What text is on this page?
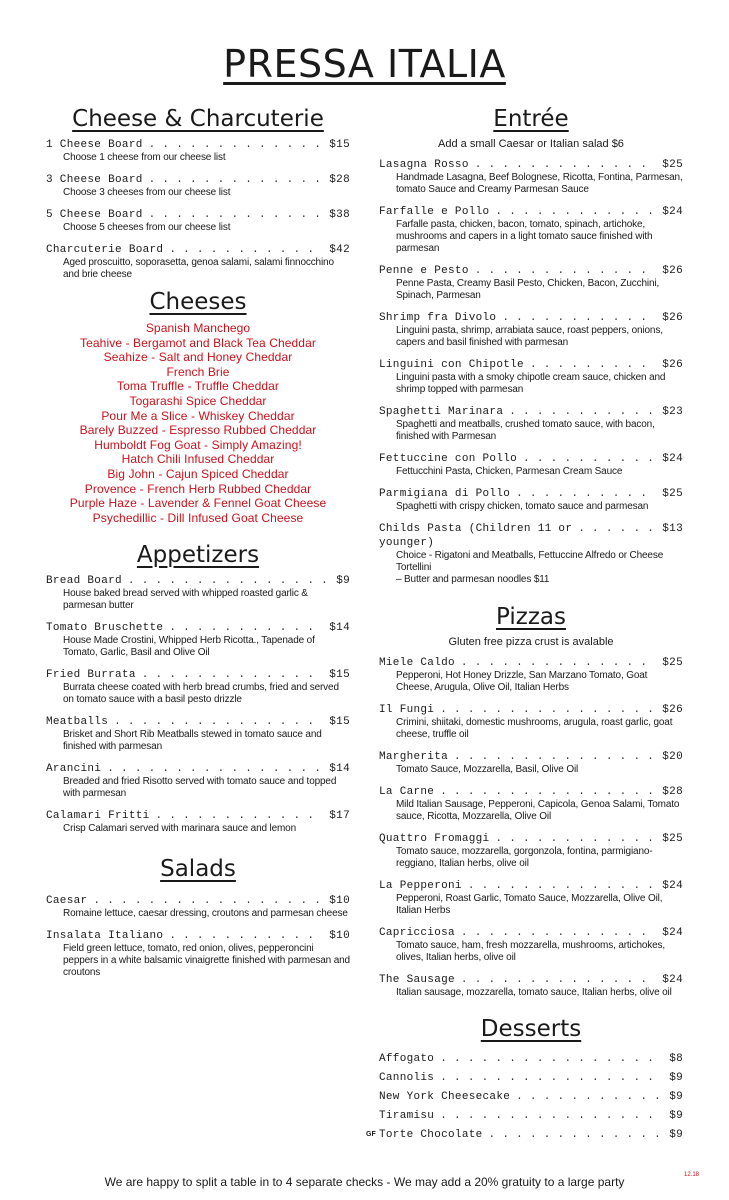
PRESSA ITALIA
Cheese & Charcuterie
1 Cheese Board . . .	$15
Choose 1 cheese from our cheese list
3 Cheese Board . . .	$28
Choose 3 cheeses from our cheese list
5 Cheese Board . . .	$38
Choose 5 cheeses from our cheese list
Charcuterie Board . . .	$42
Aged proscuitto, soporasetta, genoa salami, salami finnocchino and brie cheese
Cheeses
Spanish Manchego
Teahive - Bergamot and Black Tea Cheddar
Seahize - Salt and Honey Cheddar
French Brie
Toma Truffle - Truffle Cheddar
Togarashi Spice Cheddar
Pour Me a Slice - Whiskey Cheddar
Barely Buzzed - Espresso Rubbed Cheddar
Humboldt Fog Goat - Simply Amazing!
Hatch Chili Infused Cheddar
Big John - Cajun Spiced Cheddar
Provence - French Herb Rubbed Cheddar
Purple Haze - Lavender & Fennel Goat Cheese
Psychedillic - Dill Infused Goat Cheese
Appetizers
Bread Board . . .	$9
House baked bread served with whipped roasted garlic & parmesan butter
Tomato Bruschette . . .	$14
House Made Crostini, Whipped Herb Ricotta., Tapenade of Tomato, Garlic, Basil and Olive Oil
Fried Burrata . . .	$15
Burrata cheese coated with herb bread crumbs, fried and served on tomato sauce with a basil pesto drizzle
Meatballs . . .	$15
Brisket and Short Rib Meatballs stewed in tomato sauce and finished with parmesan
Arancini . . .	$14
Breaded and fried Risotto served with tomato sauce and topped with parmesan
Calamari Fritti . . .	$17
Crisp Calamari served with marinara sauce and lemon
Salads
Caesar . . .	$10
Romaine lettuce, caesar dressing, croutons and parmesan cheese
Insalata Italiano . . .	$10
Field green lettuce, tomato, red onion, olives, pepperoncini peppers in a white balsamic vinaigrette finished with parmesan and croutons
Entrée
Add a small Caesar or Italian salad $6
Lasagna Rosso . . .	$25
Handmade Lasagna, Beef Bolognese, Ricotta, Fontina, Parmesan, tomato Sauce and Creamy Parmesan Sauce
Farfalle e Pollo . . .	$24
Farfalle pasta, chicken, bacon, tomato, spinach, artichoke, mushrooms and capers in a light tomato sauce finished with parmesan
Penne e Pesto . . .	$26
Penne Pasta, Creamy Basil Pesto, Chicken, Bacon, Zucchini, Spinach, Parmesan
Shrimp fra Divolo . . .	$26
Linguini pasta, shrimp, arrabiata sauce, roast peppers, onions, capers and basil finished with parmesan
Linguini con Chipotle . . .	$26
Linguini pasta with a smoky chipotle cream sauce, chicken and shrimp topped with parmesan
Spaghetti Marinara . . .	$23
Spaghetti and meatballs, crushed tomato sauce, with bacon, finished with Parmesan
Fettuccine con Pollo . . .	$24
Fettucchini Pasta, Chicken, Parmesan Cream Sauce
Parmigiana di Pollo . . .	$25
Spaghetti with crispy chicken, tomato sauce and parmesan
Childs Pasta (Children 11 or . . .	$13
younger)
Choice - Rigatoni and Meatballs, Fettuccine Alfredo or Cheese Tortellini
– Butter and parmesan noodles $11
Pizzas
Gluten free pizza crust is avalable
Miele Caldo . . .	$25
Pepperoni, Hot Honey Drizzle, San Marzano Tomato, Goat Cheese, Arugula, Olive Oil, Italian Herbs
Il Fungi . . .	$26
Crimini, shiitaki, domestic mushrooms, arugula, roast garlic, goat cheese, truffle oil
Margherita . . .	$20
Tomato Sauce, Mozzarella, Basil, Olive Oil
La Carne . . .	$28
Mild Italian Sausage, Pepperoni, Capicola, Genoa Salami, Tomato sauce, Ricotta, Mozzarella, Olive Oil
Quattro Fromaggi . . .	$25
Tomato sauce, mozzarella, gorgonzola, fontina, parmigiano-reggiano, Italian herbs, olive oil
La Pepperoni . . .	$24
Pepperoni, Roast Garlic, Tomato Sauce, Mozzarella, Olive Oil, Italian Herbs
Capricciosa . . .	$24
Tomato sauce, ham, fresh mozzarella, mushrooms, artichokes, olives, Italian herbs, olive oil
The Sausage . . .	$24
Italian sausage, mozzarella, tomato sauce, Italian herbs, olive oil
Desserts
Affogato . . .	$8
Cannolis . . .	$9
New York Cheesecake . . .	$9
Tiramisu . . .	$9
GF Torte Chocolate . . .	$9
We are happy to split a table in to 4 separate checks - We may add a 20% gratuity to a large party	12.18
